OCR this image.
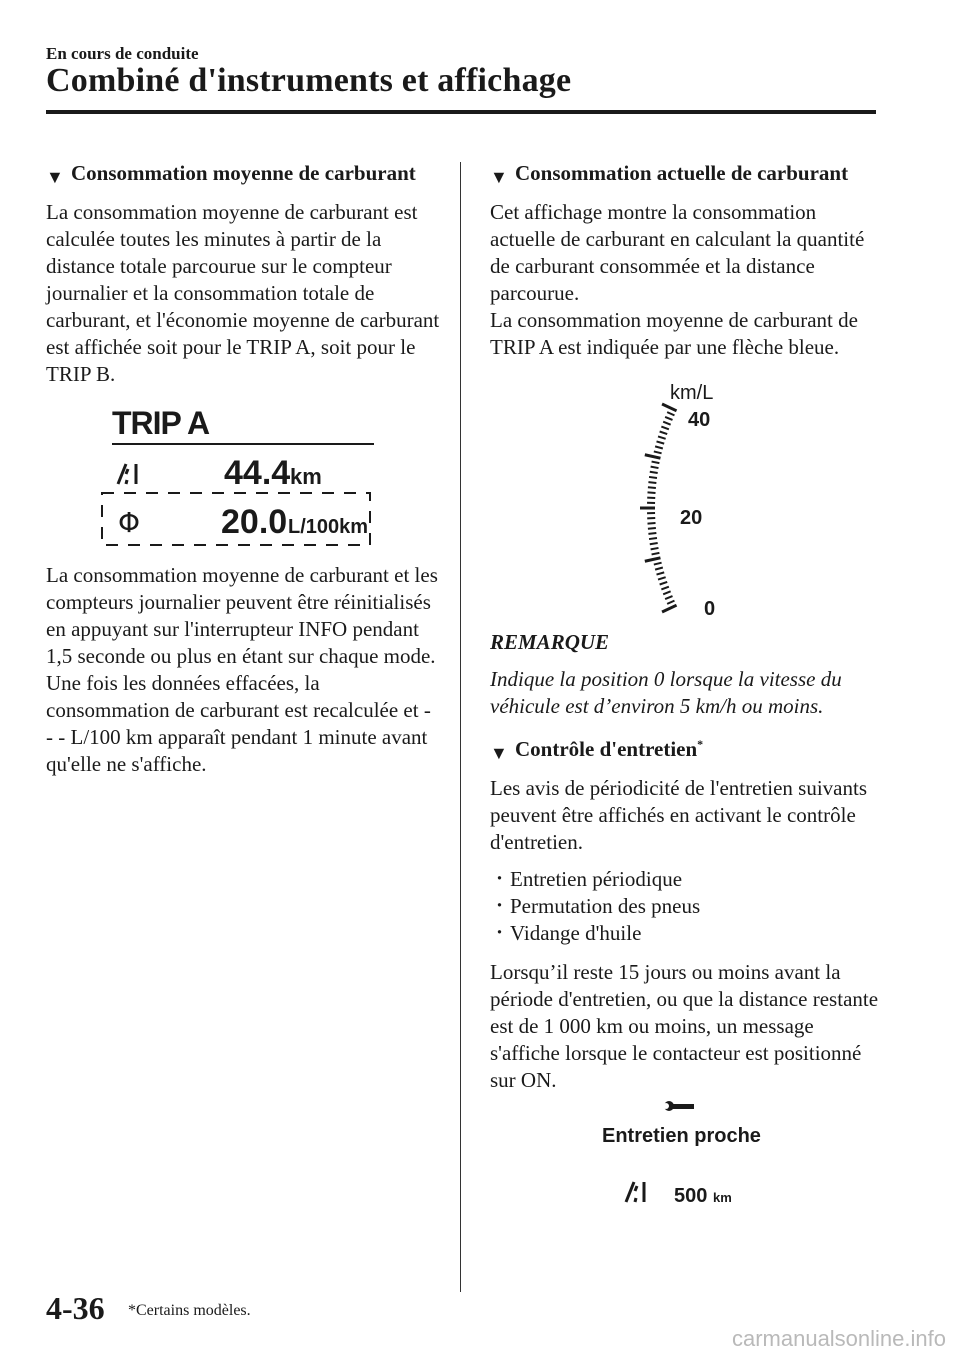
En cours de conduite

Combiné d'instruments et affichage
▼ Consommation moyenne de carburant

La consommation moyenne de carburant est calculée toutes les minutes à partir de la distance totale parcourue sur le compteur journalier et la consommation totale de carburant, et l'économie moyenne de carburant est affichée soit pour le TRIP A, soit pour le TRIP B.

TRIP A
44.4 km
Φ 20.0 L/100km

La consommation moyenne de carburant et les compteurs journalier peuvent être réinitialisés en appuyant sur l'interrupteur INFO pendant 1,5 seconde ou plus en étant sur chaque mode. Une fois les données effacées, la consommation de carburant est recalculée et - - - L/100 km apparaît pendant 1 minute avant qu'elle ne s'affiche.

▼ Consommation actuelle de carburant

Cet affichage montre la consommation actuelle de carburant en calculant la quantité de carburant consommée et la distance parcourue.

La consommation moyenne de carburant de TRIP A est indiquée par une flèche bleue.

km/L
40
20
0

REMARQUE

Indique la position 0 lorsque la vitesse du véhicule est d’environ 5 km/h ou moins.

▼ Contrôle d'entretien*

Les avis de périodicité de l'entretien suivants peuvent être affichés en activant le contrôle d'entretien.

· Entretien périodique
· Permutation des pneus
· Vidange d'huile

Lorsqu’il reste 15 jours ou moins avant la période d'entretien, ou que la distance restante est de 1 000 km ou moins, un message s'affiche lorsque le contacteur est positionné sur ON.

Entretien proche
500 km

4-36 *Certains modèles.

carmanualsonline.info
